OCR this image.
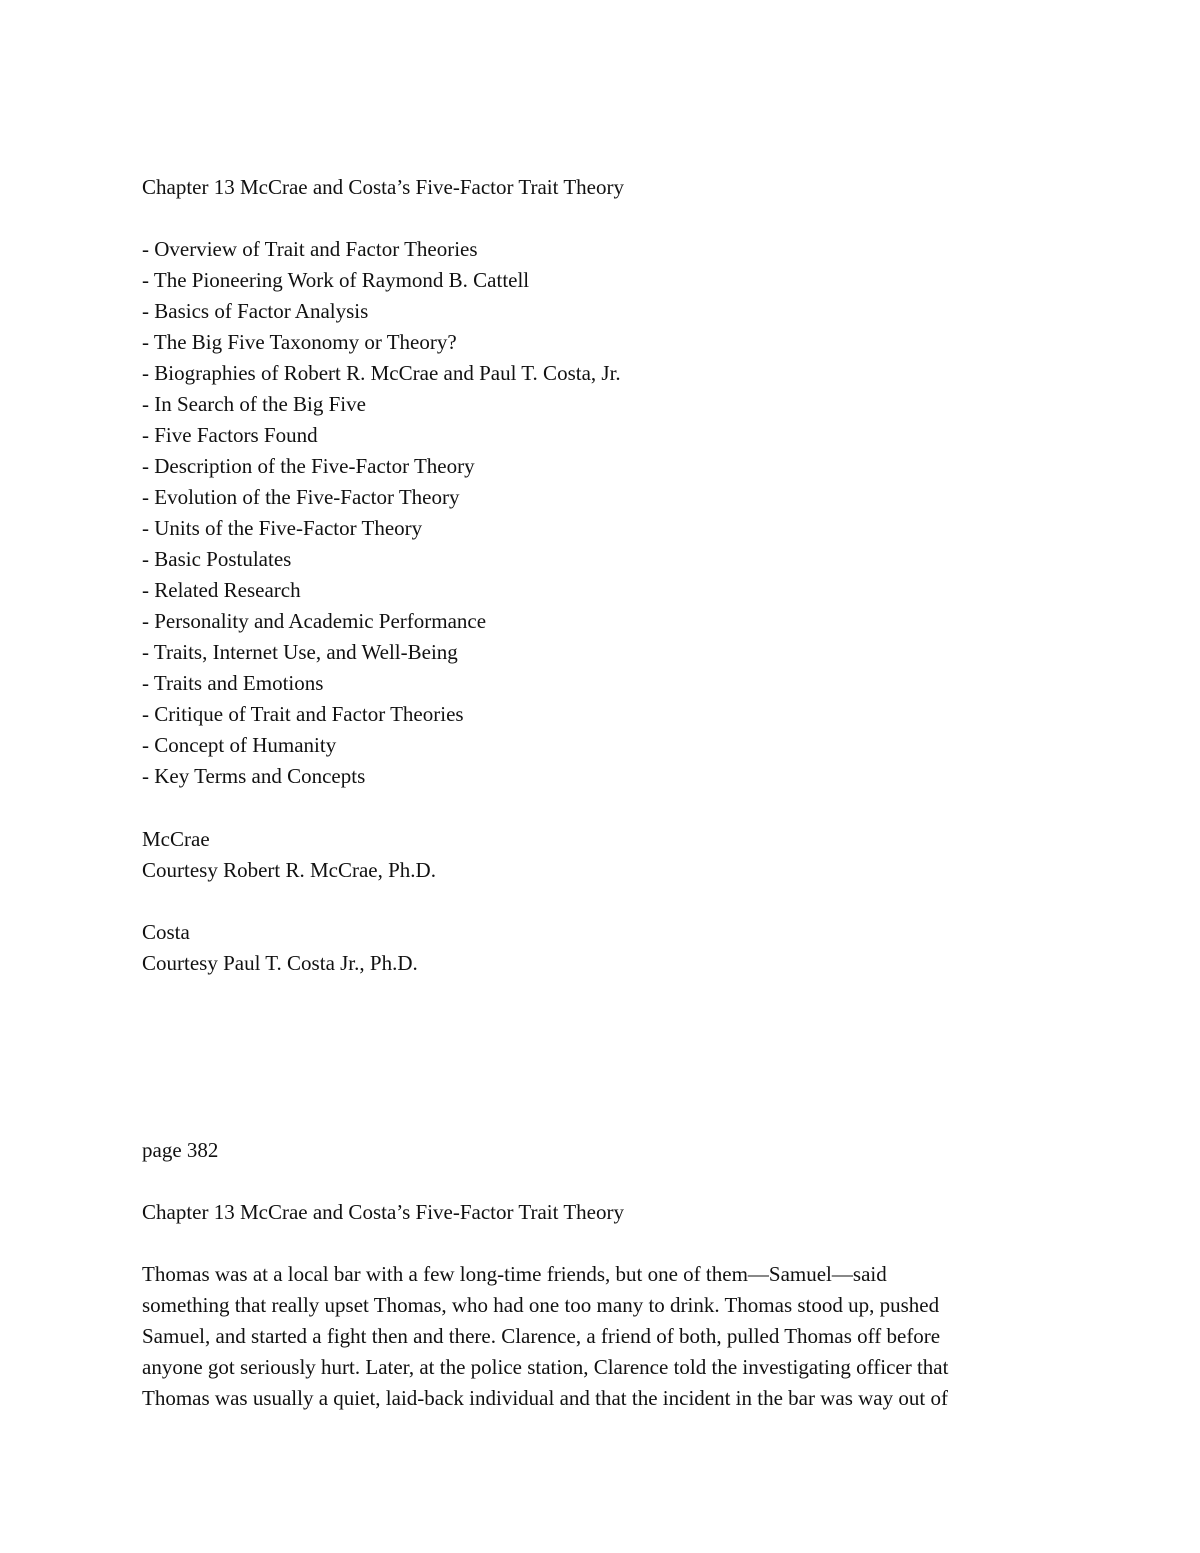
Chapter 13 McCrae and Costa’s Five-Factor Trait Theory
- Overview of Trait and Factor Theories
- The Pioneering Work of Raymond B. Cattell
- Basics of Factor Analysis
- The Big Five Taxonomy or Theory?
- Biographies of Robert R. McCrae and Paul T. Costa, Jr.
- In Search of the Big Five
- Five Factors Found
- Description of the Five-Factor Theory
- Evolution of the Five-Factor Theory
- Units of the Five-Factor Theory
- Basic Postulates
- Related Research
- Personality and Academic Performance
- Traits, Internet Use, and Well-Being
- Traits and Emotions
- Critique of Trait and Factor Theories
- Concept of Humanity
- Key Terms and Concepts
McCrae
Courtesy Robert R. McCrae, Ph.D.
Costa
Courtesy Paul T. Costa Jr., Ph.D.
page 382
Chapter 13 McCrae and Costa’s Five-Factor Trait Theory
Thomas was at a local bar with a few long-time friends, but one of them—Samuel—said
something that really upset Thomas, who had one too many to drink. Thomas stood up, pushed
Samuel, and started a fight then and there. Clarence, a friend of both, pulled Thomas off before
anyone got seriously hurt. Later, at the police station, Clarence told the investigating officer that
Thomas was usually a quiet, laid-back individual and that the incident in the bar was way out of
